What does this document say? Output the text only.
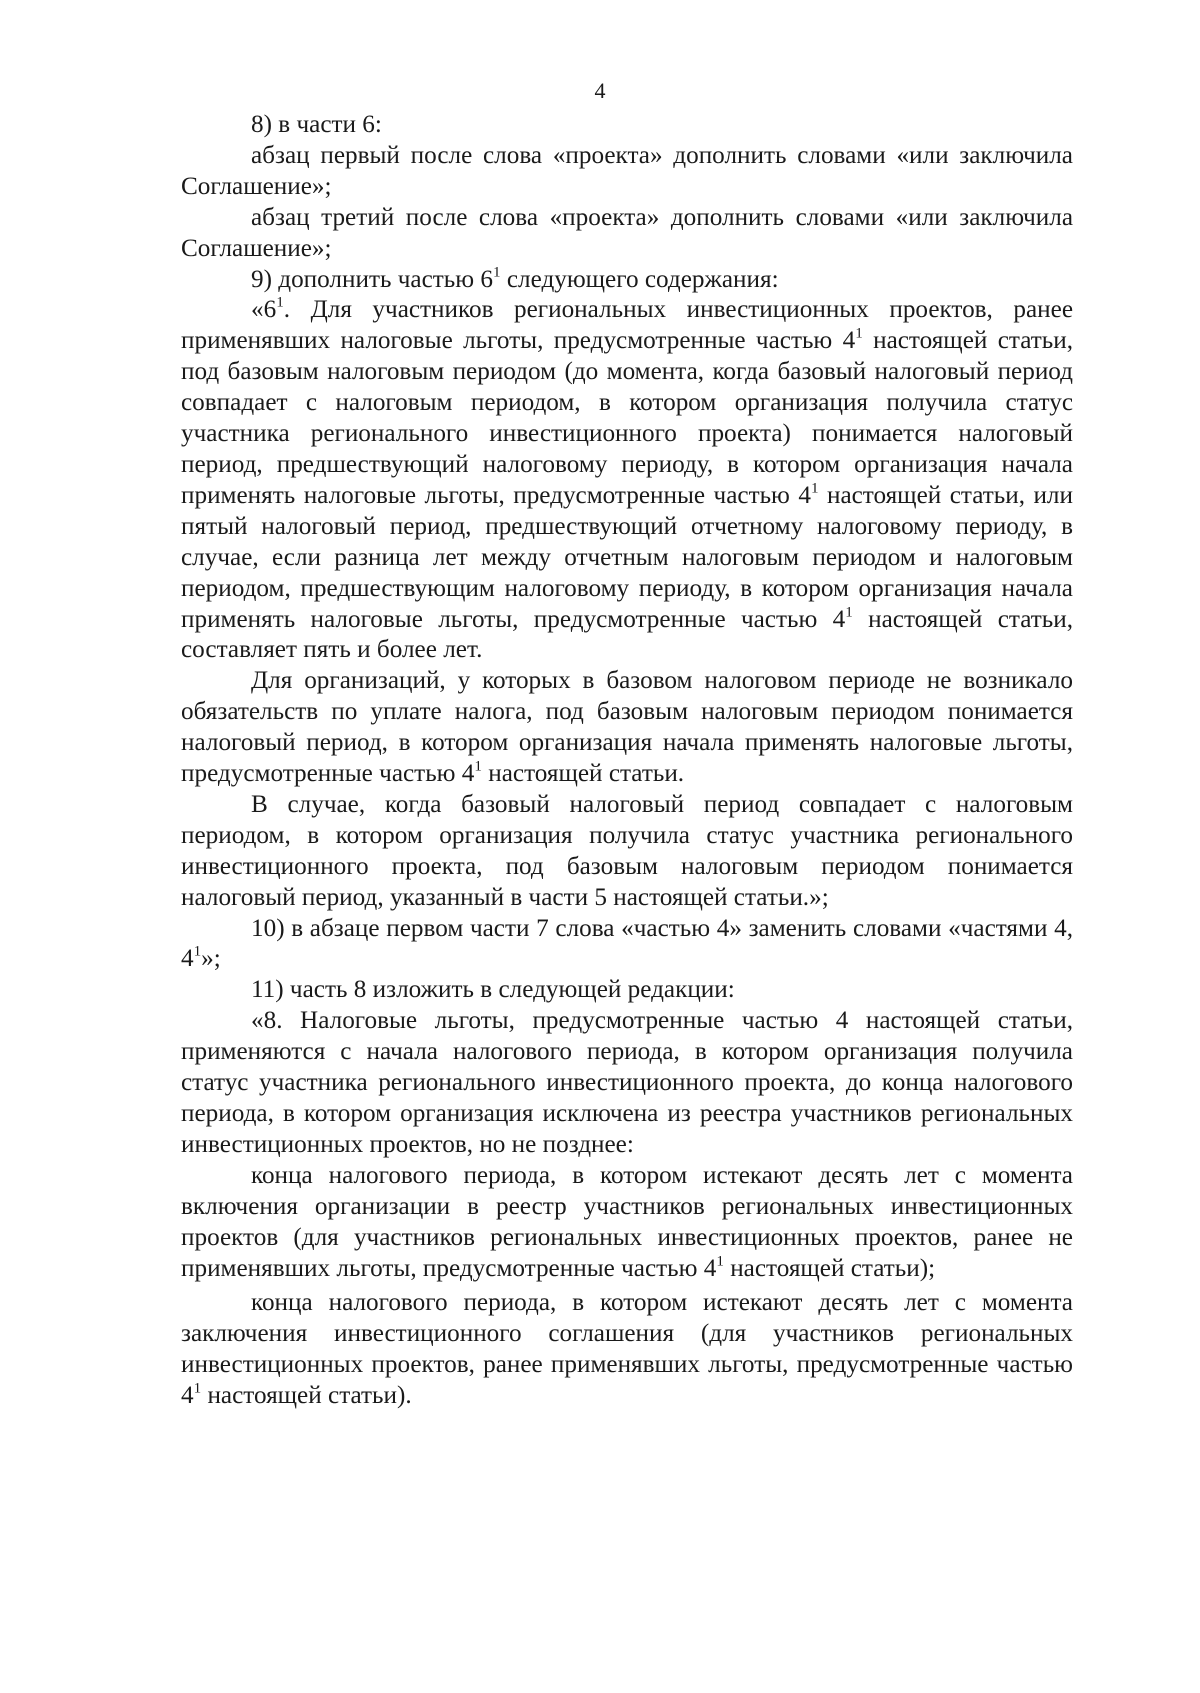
4

8) в части 6:

абзац первый после слова «проекта» дополнить словами «или заключила Соглашение»;

абзац третий после слова «проекта» дополнить словами «или заключила Соглашение»;

9) дополнить частью $6^1$ следующего содержания:

«$6^1$. Для участников региональных инвестиционных проектов, ранее применявших налоговые льготы, предусмотренные частью $4^1$ настоящей статьи, под базовым налоговым периодом (до момента, когда базовый налоговый период совпадает с налоговым периодом, в котором организация получила статус участника регионального инвестиционного проекта) понимается налоговый период, предшествующий налоговому периоду, в котором организация начала применять налоговые льготы, предусмотренные частью $4^1$ настоящей статьи, или пятый налоговый период, предшествующий отчетному налоговому периоду, в случае, если разница лет между отчетным налоговым периодом и налоговым периодом, предшествующим налоговому периоду, в котором организация начала применять налоговые льготы, предусмотренные частью $4^1$ настоящей статьи, составляет пять и более лет.

Для организаций, у которых в базовом налоговом периоде не возникало обязательств по уплате налога, под базовым налоговым периодом понимается налоговый период, в котором организация начала применять налоговые льготы, предусмотренные частью $4^1$ настоящей статьи.

В случае, когда базовый налоговый период совпадает с налоговым периодом, в котором организация получила статус участника регионального инвестиционного проекта, под базовым налоговым периодом понимается налоговый период, указанный в части 5 настоящей статьи.»;

10) в абзаце первом части 7 слова «частью 4» заменить словами «частями 4, $4^1$»;

11) часть 8 изложить в следующей редакции:

«8. Налоговые льготы, предусмотренные частью 4 настоящей статьи, применяются с начала налогового периода, в котором организация получила статус участника регионального инвестиционного проекта, до конца налогового периода, в котором организация исключена из реестра участников региональных инвестиционных проектов, но не позднее:

конца налогового периода, в котором истекают десять лет с момента включения организации в реестр участников региональных инвестиционных проектов (для участников региональных инвестиционных проектов, ранее не применявших льготы, предусмотренные частью $4^1$ настоящей статьи);

конца налогового периода, в котором истекают десять лет с момента заключения инвестиционного соглашения (для участников региональных инвестиционных проектов, ранее применявших льготы, предусмотренные частью $4^1$ настоящей статьи).
